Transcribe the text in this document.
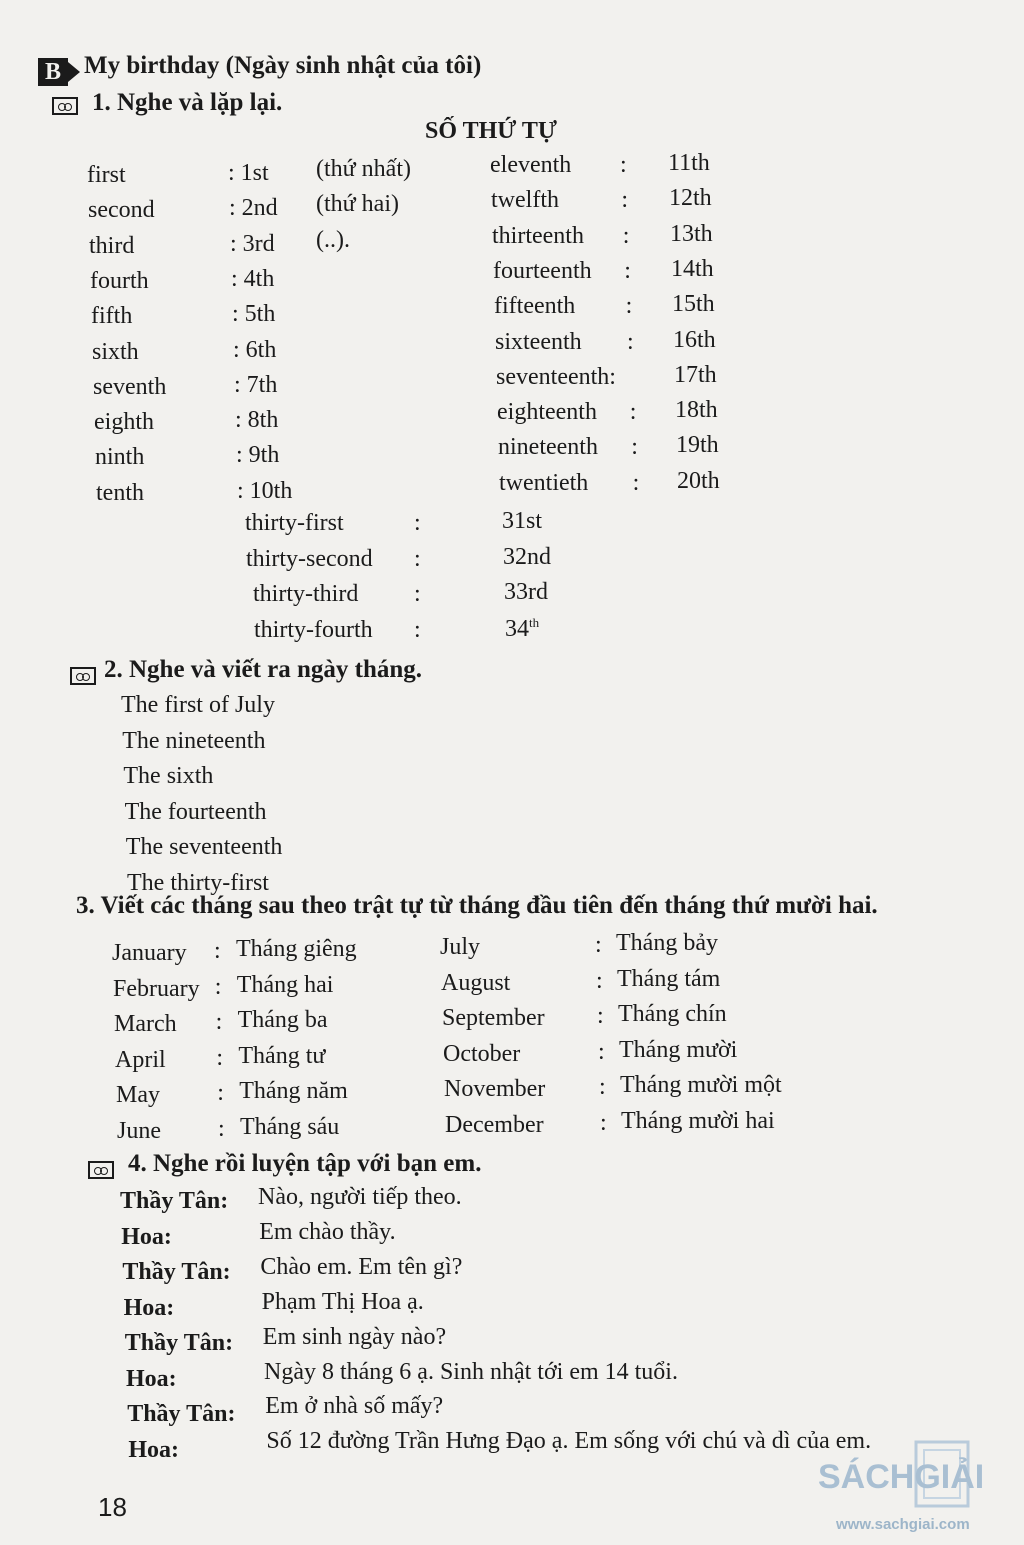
B My birthday (Ngày sinh nhật của tôi)
1. Nghe và lặp lại.
SỐ THỨ TỰ
first	: 1st (thứ nhất)
second	: 2nd (thứ hai)
third	: 3rd (..).
fourth	: 4th
fifth	: 5th
sixth	: 6th
seventh	: 7th
eighth	: 8th
ninth	: 9th
tenth	: 10th
eleventh : 11th
twelfth	: 12th
thirteenth : 13th
fourteenth : 14th
fifteenth : 15th
sixteenth : 16th
seventeenth: 17th
eighteenth : 18th
nineteenth : 19th
twentieth : 20th
thirty-first	:	31st
thirty-second :	32nd
thirty-third :	33rd
thirty-fourth :	34th
2. Nghe và viết ra ngày tháng.
The first of July
The nineteenth
The sixth
The fourteenth
The seventeenth
The thirty-first
3. Viết các tháng sau theo trật tự từ tháng đầu tiên đến tháng thứ mười hai.
January : Tháng giêng
February : Tháng hai
March : Tháng ba
April : Tháng tư
May : Tháng năm
June : Tháng sáu
July	: Tháng bảy
August	: Tháng tám
September : Tháng chín
October	: Tháng mười
November : Tháng mười một
December : Tháng mười hai
4. Nghe rồi luyện tập với bạn em.
Thầy Tân: Nào, người tiếp theo.
Hoa:	Em chào thầy.
Thầy Tân: Chào em. Em tên gì?
Hoa:	Phạm Thị Hoa ạ.
Thầy Tân: Em sinh ngày nào?
Hoa:	Ngày 8 tháng 6 ạ. Sinh nhật tới em 14 tuổi.
Thầy Tân: Em ở nhà số mấy?
Hoa:	Số 12 đường Trần Hưng Đạo ạ. Em sống với chú và dì của em.
18
SÁCHGIẢI
www.sachgiai.com
